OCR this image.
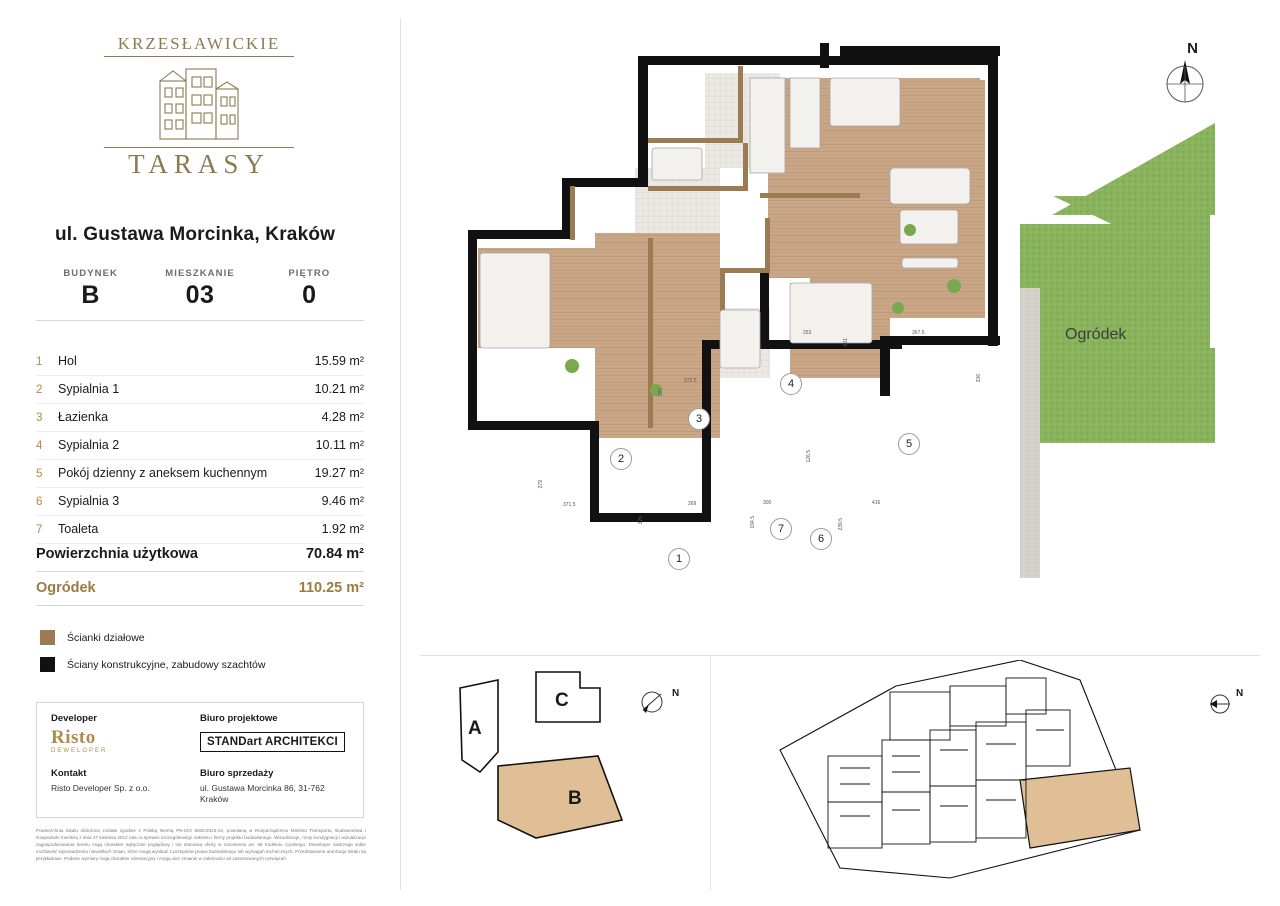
KRZESŁAWICKIE
TARASY
ul. Gustawa Morcinka, Kraków
BUDYNEK
B
MIESZKANIE
03
PIĘTRO
0
1	Hol	15.59 m²
2	Sypialnia 1	10.21 m²
3	Łazienka	4.28 m²
4	Sypialnia 2	10.11 m²
5	Pokój dzienny z aneksem kuchennym	19.27 m²
6	Sypialnia 3	9.46 m²
7	Toaleta	1.92 m²
Powierzchnia użytkowa	70.84 m²
Ogródek	110.25 m²
Ścianki działowe
Ściany konstrukcyjne, zabudowy szachtów
Developer
Risto
DEWELOPER
Biuro projektowe
STANDart ARCHITEKCI
Kontakt
Risto Developer Sp. z o.o.
Biuro sprzedaży
ul. Gustawa Morcinka 86, 31-762 Kraków
Powierzchnia lokalu obliczona została zgodnie z Polską Normą PN-ISO 9836:2015-12, powołaną w Rozporządzeniu Ministra Transportu, Budownictwa i Gospodarki morskiej z dnia 27 kwietnia 2012 roku w sprawie szczegółowego zakresu i formy projektu budowlanego. Wizualizacje, rzuty kondygnacji i wizualizacje zagospodarowania terenu mają charakter wyłącznie poglądowy i nie stanowią oferty w rozumieniu art. 66 Kodeksu cywilnego. Deweloper zastrzega sobie możliwość wprowadzenia niewielkich zmian, które mogą wynikać z przepisów prawa budowlanego lub wymagań technicznych. Przedstawione aranżacje lokalu są przykładowe. Podane wymiary mają charakter orientacyjny i mogą ulec zmianie w zależności od zastosowanych rozwiązań.
N
Ogródek
1
2
3
4
5
6
7
371.5
279
325
269
187
272.5
253
601
367.5
336
126.5
194.5
300	416
239.5
A
C
B
N	N
